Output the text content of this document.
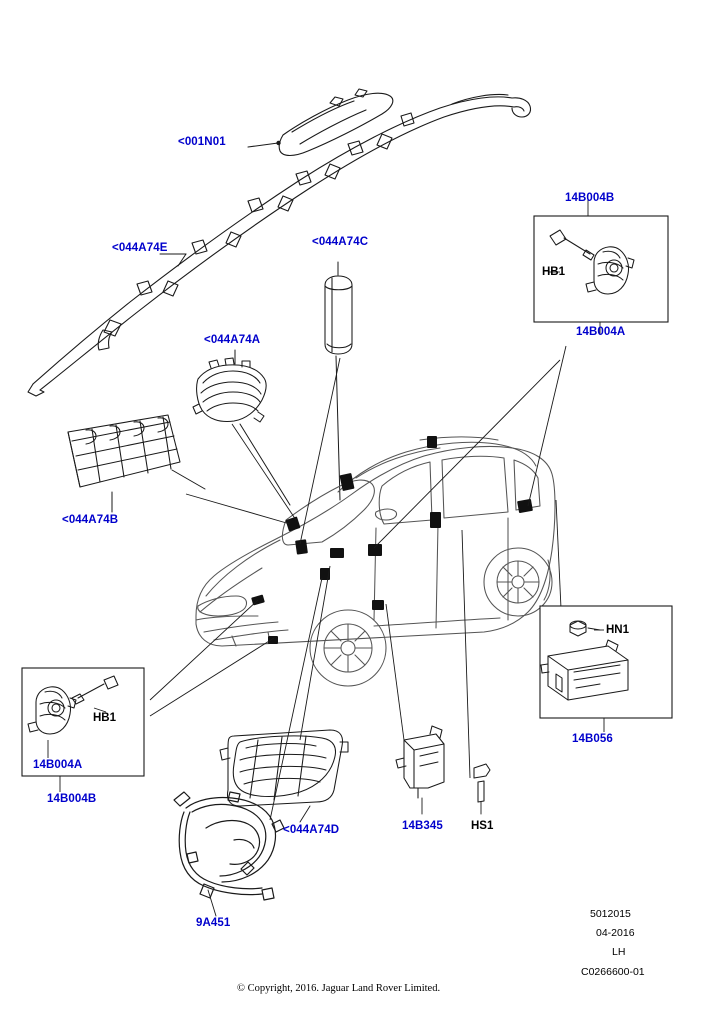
<001N01
<044A74E	<044A74C
<044A74A
<044A74B
<044A74D
9A451
14B004B
HB1
14B004A
HN1
14B056
HB1
14B004A
14B004B
14B345 HS1
5012015
04-2016
LH
C0266600-01
© Copyright, 2016. Jaguar Land Rover Limited.
